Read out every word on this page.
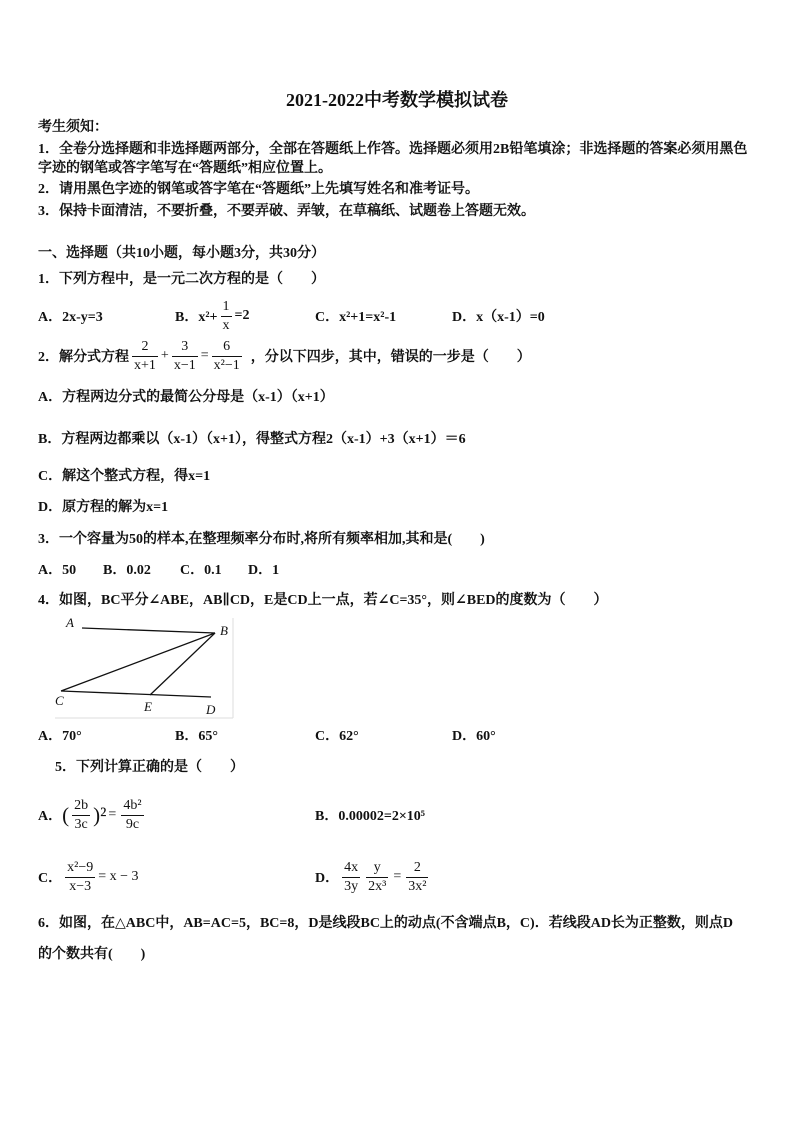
2021-2022中考数学模拟试卷
考生须知：
1．全卷分选择题和非选择题两部分，全部在答题纸上作答。选择题必须用2B铅笔填涂；非选择题的答案必须用黑色
字迹的钢笔或答字笔写在“答题纸”相应位置上。
2．请用黑色字迹的钢笔或答字笔在“答题纸”上先填写姓名和准考证号。
3．保持卡面清洁，不要折叠，不要弄破、弄皱，在草稿纸、试题卷上答题无效。
一、选择题（共10小题，每小题3分，共30分）
1．下列方程中，是一元二次方程的是（　　）
A．2x-y=3	B．$x^2+ \frac{1}{x} =2$	C．x²+1=x²-1	D．x（x-1）=0
2．解分式方程 $\frac{2}{x+1} + \frac{3}{x-1} = \frac{6}{\text{x²−1}}$ ，分以下四步，其中，错误的一步是（　　）
A．方程两边分式的最简公分母是（x-1）（x+1）
B．方程两边都乘以（x-1）（x+1），得整式方程2（x-1）+3（x+1）＝6
C．解这个整式方程，得x=1
D．原方程的解为x=1
3．一个容量为50的样本,在整理频率分布时,将所有频率相加,其和是(　　)
A．50 B．0.02 C．0.1 D．1
4．如图，BC平分∠ABE，AB∥CD，E是CD上一点，若∠C=35°，则∠BED的度数为（　　）
A
B
C	E	D
A．70°	B．65°	C．62°	D．60°
5．下列计算正确的是（　　）
A． ( $\frac{2b}{3c} )^2 = \frac{\text{4b²}}{9c}$	B．0.00002=2×10⁵
C． $\frac{\text{x²−9}}{x-3} = x - 3$	D． $\frac{4x}{3y} \frac{y}{\text{2x³}} = \frac{2}{\text{3x²}}$
6．如图，在△ABC中，AB=AC=5，BC=8，D是线段BC上的动点(不含端点B，C)．若线段AD长为正整数，则点D
的个数共有(　　)
